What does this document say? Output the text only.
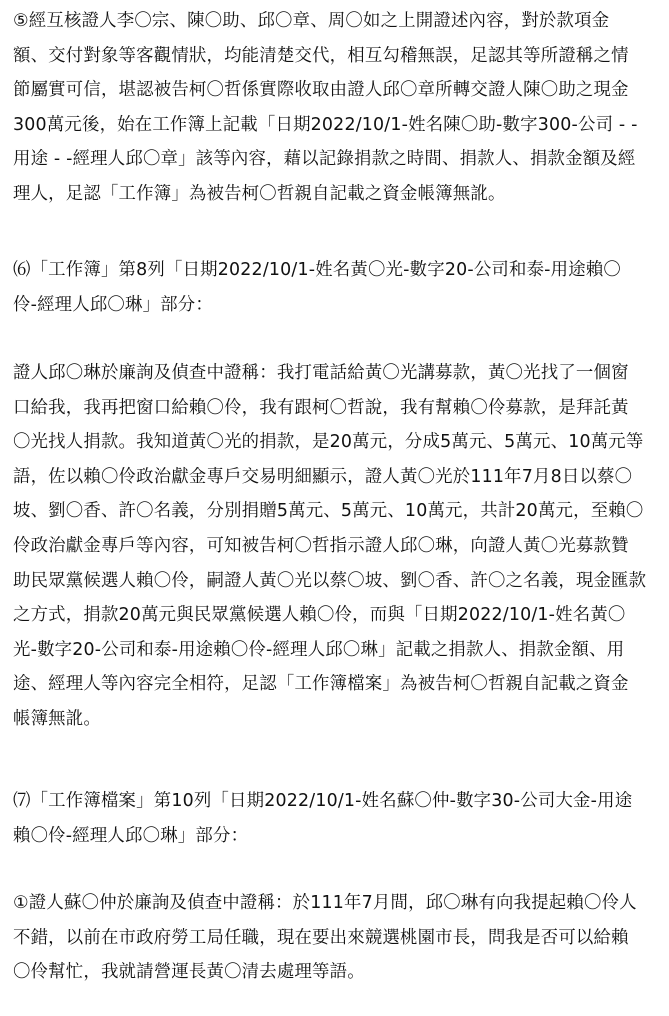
⑤經互核證人李〇宗、陳〇助、邱〇章、周〇如之上開證述內容，對於款項金
額、交付對象等客觀情狀，均能清楚交代，相互勾稽無誤，足認其等所證稱之情
節屬實可信，堪認被告柯〇哲係實際收取由證人邱〇章所轉交證人陳〇助之現金
300萬元後，始在工作簿上記載「日期2022/10/1-姓名陳〇助-數字300-公司 - -
用途 - -經理人邱〇章」該等內容，藉以記錄捐款之時間、捐款人、捐款金額及經
理人，足認「工作簿」為被告柯〇哲親自記載之資金帳簿無訛。
⑹「工作簿」第8列「日期2022/10/1-姓名黃〇光-數字20-公司和泰-用途賴〇
伶-經理人邱〇琳」部分：
證人邱〇琳於廉詢及偵查中證稱：我打電話給黃〇光講募款，黃〇光找了一個窗
口給我，我再把窗口給賴〇伶，我有跟柯〇哲說，我有幫賴〇伶募款，是拜託黃
〇光找人捐款。我知道黃〇光的捐款，是20萬元，分成5萬元、5萬元、10萬元等
語，佐以賴〇伶政治獻金專戶交易明細顯示，證人黃〇光於111年7月8日以蔡〇
坡、劉〇香、許〇名義，分別捐贈5萬元、5萬元、10萬元，共計20萬元，至賴〇
伶政治獻金專戶等內容，可知被告柯〇哲指示證人邱〇琳，向證人黃〇光募款贊
助民眾黨候選人賴〇伶，嗣證人黃〇光以蔡〇坡、劉〇香、許〇之名義，現金匯款
之方式，捐款20萬元與民眾黨候選人賴〇伶，而與「日期2022/10/1-姓名黃〇
光-數字20-公司和泰-用途賴〇伶-經理人邱〇琳」記載之捐款人、捐款金額、用
途、經理人等內容完全相符，足認「工作簿檔案」為被告柯〇哲親自記載之資金
帳簿無訛。
⑺「工作簿檔案」第10列「日期2022/10/1-姓名蘇〇仲-數字30-公司大金-用途
賴〇伶-經理人邱〇琳」部分：
①證人蘇〇仲於廉詢及偵查中證稱：於111年7月間，邱〇琳有向我提起賴〇伶人
不錯，以前在市政府勞工局任職，現在要出來競選桃園市長，問我是否可以給賴
〇伶幫忙，我就請營運長黃〇清去處理等語。
